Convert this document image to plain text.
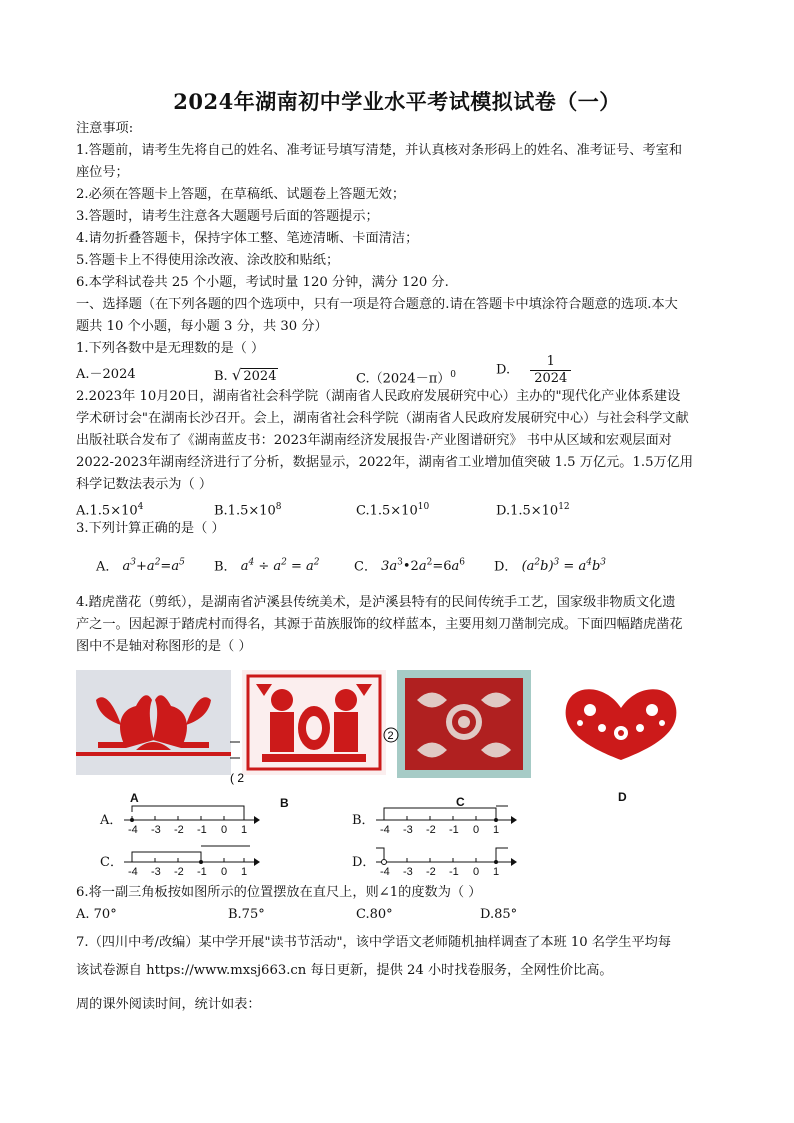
2024年湖南初中学业水平考试模拟试卷（一）
注意事项:
1.答题前，请考生先将自己的姓名、准考证号填写清楚，并认真核对条形码上的姓名、准考证号、考室和
座位号；
2.必须在答题卡上答题，在草稿纸、试题卷上答题无效；
3.答题时，请考生注意各大题题号后面的答题提示；
4.请勿折叠答题卡，保持字体工整、笔迹清晰、卡面清洁；
5.答题卡上不得使用涂改液、涂改胶和贴纸；
6.本学科试卷共 25 个小题，考试时量 120 分钟，满分 120 分.
一、选择题（在下列各题的四个选项中，只有一项是符合题意的.请在答题卡中填涂符合题意的选项.本大
题共 10 个小题，每小题 3 分，共 30 分）
1.下列各数中是无理数的是（ ）
A.－2024	B. √ 2024	$C.(2024-\pi)^0$	D. $\frac{1}{2024}$
2.2023年 10月20日，湖南省社会科学院（湖南省人民政府发展研究中心）主办的"现代化产业体系建设
学术研讨会"在湖南长沙召开。会上，湖南省社会科学院（湖南省人民政府发展研究中心）与社会科学文献
出版社联合发布了《湖南蓝皮书：2023年湖南经济发展报告·产业图谱研究》 书中从区域和宏观层面对
2022-2023年湖南经济进行了分析，数据显示，2022年，湖南省工业增加值突破 1.5 万亿元。1.5万亿用
科学记数法表示为（ ）
$A.1.5\times 10^4$	$B.1.5\times 10^8$	$C.1.5\times 10^{10}$	$D.1.5\times 10^{12}$
3.下列计算正确的是（ ）
A． $a^3+a^2=a^5$ B． $a^4 \div a^2 = a^2$	C． $3a^3•2a^2=6a^6$ D． $(a^2b)^3 = a^4b^3$
4.踏虎凿花（剪纸），是湖南省泸溪县传统美术，是泸溪县特有的民间传统手工艺，国家级非物质文化遗
产之一。因起源于踏虎村而得名，其源于苗族服饰的纹样蓝本，主要用刻刀凿制完成。下面四幅踏虎凿花
图中不是轴对称图形的是（ ）
( 2
2
B	D
A	C
A．
-4 -3 -2 -1 0 1
B．
-4 -3 -2 -1 0 1
C．
-4 -3 -2 -1 0 1
D．
-4 -3 -2 -1 0 1
6.将一副三角板按如图所示的位置摆放在直尺上，则∠1的度数为（ ）
A. 70°	B.75°	C.80°	D.85°
7.（四川中考/改编）某中学开展"读书节活动"，该中学语文老师随机抽样调查了本班 10 名学生平均每
该试卷源自 https://www.mxsj663.cn 每日更新，提供 24 小时找卷服务，全网性价比高。
周的课外阅读时间，统计如表：
